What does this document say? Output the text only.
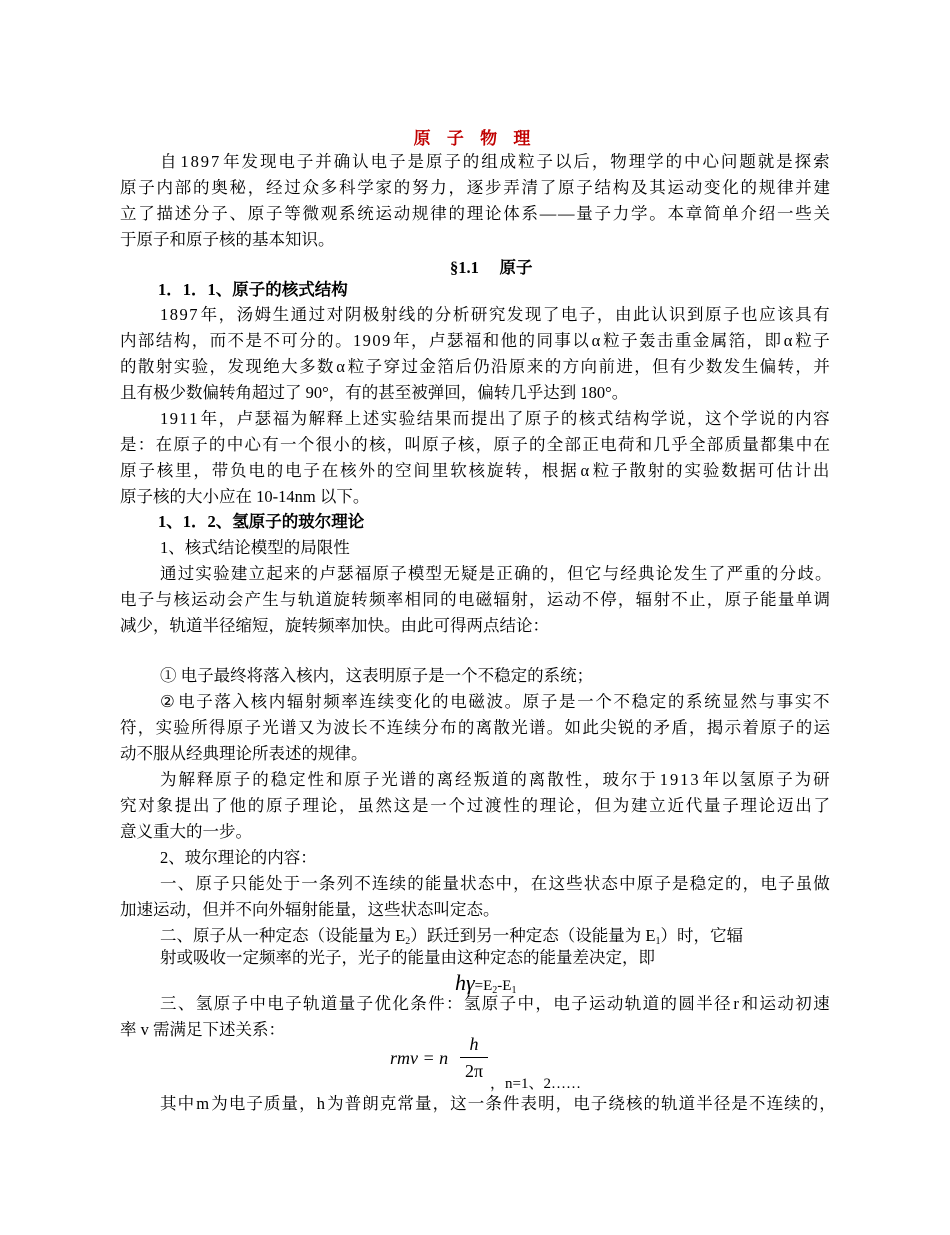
原 子 物 理
自 1 8 9 7 年 发 现 电 子 并 确 认 电 子 是 原 子 的 组 成 粒 子 以 后 ， 物 理 学 的 中 心 问 题 就 是 探 索
原 子 内 部 的 奥 秘 ， 经 过 众 多 科 学 家 的 努 力 ， 逐 步 弄 清 了 原 子 结 构 及 其 运 动 变 化 的 规 律 并 建
立 了 描 述 分 子 、 原 子 等 微 观 系 统 运 动 规 律 的 理 论 体 系 — — 量 子 力 学 。 本 章 简 单 介 绍 一 些 关
于原子和原子核的基本知识。
§1.1　 原子
1．1．1、原子的核式结构
1 8 9 7 年 ， 汤 姆 生 通 过 对 阴 极 射 线 的 分 析 研 究 发 现 了 电 子 ， 由 此 认 识 到 原 子 也 应 该 具 有
内 部 结 构 ， 而 不 是 不 可 分 的 。 1 9 0 9 年 ， 卢 瑟 福 和 他 的 同 事 以 α 粒 子 轰 击 重 金 属 箔 ， 即 α 粒 子
的 散 射 实 验 ， 发 现 绝 大 多 数 α 粒 子 穿 过 金 箔 后 仍 沿 原 来 的 方 向 前 进 ， 但 有 少 数 发 生 偏 转 ， 并
且有极少数偏转角超过了 90°，有的甚至被弹回，偏转几乎达到 180°。
1 9 1 1 年 ， 卢 瑟 福 为 解 释 上 述 实 验 结 果 而 提 出 了 原 子 的 核 式 结 构 学 说 ， 这 个 学 说 的 内 容
是 ： 在 原 子 的 中 心 有 一 个 很 小 的 核 ， 叫 原 子 核 ， 原 子 的 全 部 正 电 荷 和 几 乎 全 部 质 量 都 集 中 在
原 子 核 里 ， 带 负 电 的 电 子 在 核 外 的 空 间 里 软 核 旋 转 ， 根 据 α 粒 子 散 射 的 实 验 数 据 可 估 计 出
原子核的大小应在 10-14nm 以下。
1、1．2、氢原子的玻尔理论
1、核式结论模型的局限性
通 过 实 验 建 立 起 来 的 卢 瑟 福 原 子 模 型 无 疑 是 正 确 的 ， 但 它 与 经 典 论 发 生 了 严 重 的 分 歧 。
电 子 与 核 运 动 会 产 生 与 轨 道 旋 转 频 率 相 同 的 电 磁 辐 射 ， 运 动 不 停 ， 辐 射 不 止 ， 原 子 能 量 单 调
减少，轨道半径缩短，旋转频率加快。由此可得两点结论：
① 电子最终将落入核内，这表明原子是一个不稳定的系统；
② 电 子 落 入 核 内 辐 射 频 率 连 续 变 化 的 电 磁 波 。 原 子 是 一 个 不 稳 定 的 系 统 显 然 与 事 实 不
符 ， 实 验 所 得 原 子 光 谱 又 为 波 长 不 连 续 分 布 的 离 散 光 谱 。 如 此 尖 锐 的 矛 盾 ， 揭 示 着 原 子 的 运
动不服从经典理论所表述的规律。
为 解 释 原 子 的 稳 定 性 和 原 子 光 谱 的 离 经 叛 道 的 离 散 性 ， 玻 尔 于 1 9 1 3 年 以 氢 原 子 为 研
究 对 象 提 出 了 他 的 原 子 理 论 ， 虽 然 这 是 一 个 过 渡 性 的 理 论 ， 但 为 建 立 近 代 量 子 理 论 迈 出 了
意义重大的一步。
2、玻尔理论的内容：
一 、 原 子 只 能 处 于 一 条 列 不 连 续 的 能 量 状 态 中 ， 在 这 些 状 态 中 原 子 是 稳 定 的 ， 电 子 虽 做
加速运动，但并不向外辐射能量，这些状态叫定态。
二、原子从一种定态（设能量为 $E_2$）跃迁到另一种定态（设能量为 $E_1$）时，它辐
射或吸收一定频率的光子，光子的能量由这种定态的能量差决定，即
$h\gamma=E_2-E_1$
三 、 氢 原 子 中 电 子 轨 道 量 子 优 化 条 件 ： 氢 原 子 中 ， 电 子 运 动 轨 道 的 圆 半 径 r 和 运 动 初 速
率 v 需满足下述关系：
rmv = n
h
2π
，n=1、2……
其 中 m 为 电 子 质 量 ， h 为 普 朗 克 常 量 ， 这 一 条 件 表 明 ， 电 子 绕 核 的 轨 道 半 径 是 不 连 续 的 ，
